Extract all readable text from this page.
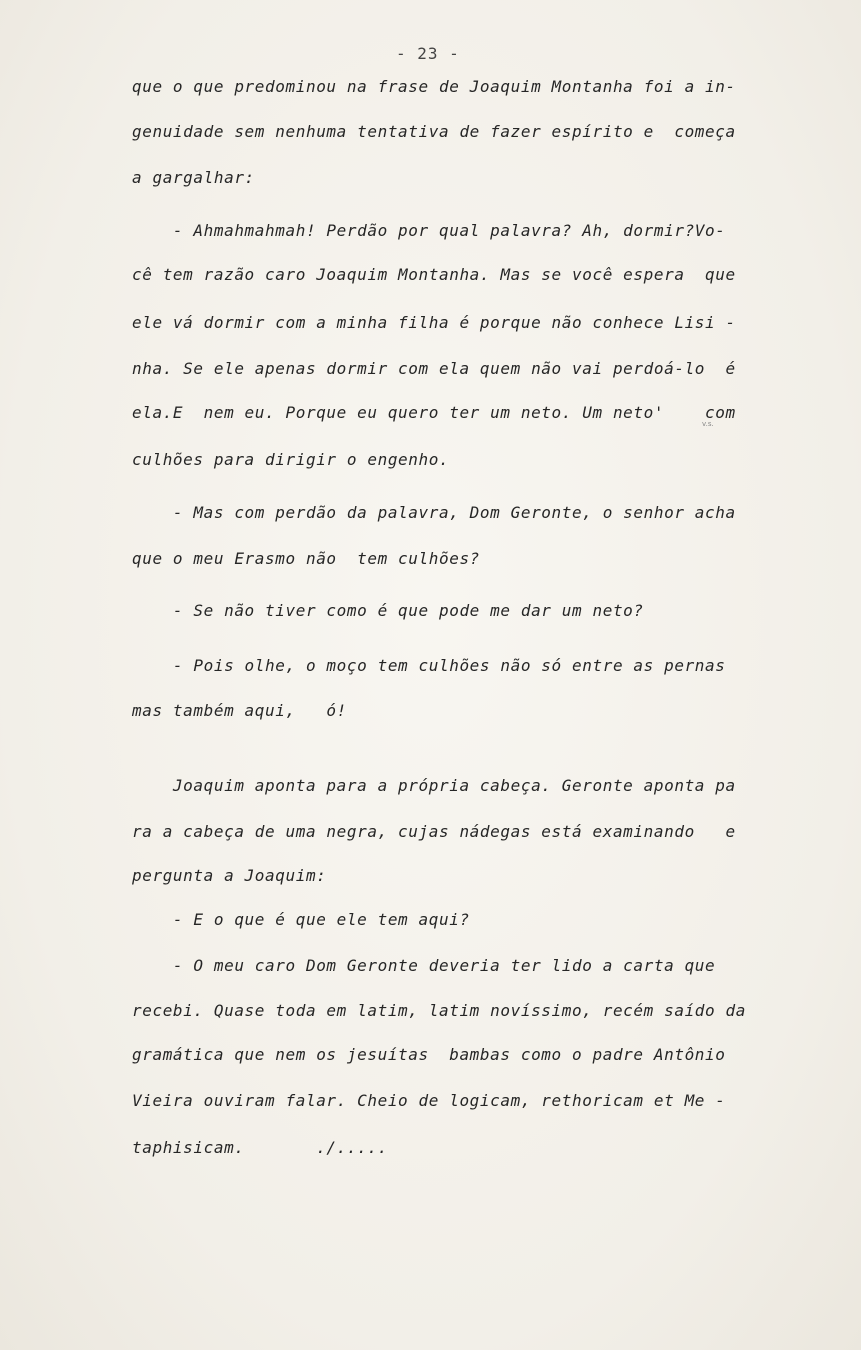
- 23 -
que o que predominou na frase de Joaquim Montanha foi a in-
genuidade sem nenhuma tentativa de fazer espírito e  começa
a gargalhar:
- Ahmahmahmah! Perdão por qual palavra? Ah, dormir?Vo-
cê tem razão caro Joaquim Montanha. Mas se você espera  que
ele vá dormir com a minha filha é porque não conhece Lisi -
nha. Se ele apenas dormir com ela quem não vai perdoá-lo  é
ela.E  nem eu. Porque eu quero ter um neto. Um neto'    com
v.s.
culhões para dirigir o engenho.
- Mas com perdão da palavra, Dom Geronte, o senhor acha
que o meu Erasmo não  tem culhões?
- Se não tiver como é que pode me dar um neto?
- Pois olhe, o moço tem culhões não só entre as pernas
mas também aqui,   ó!
Joaquim aponta para a própria cabeça. Geronte aponta pa
ra a cabeça de uma negra, cujas nádegas está examinando   e
pergunta a Joaquim:
- E o que é que ele tem aqui?
- O meu caro Dom Geronte deveria ter lido a carta que
recebi. Quase toda em latim, latim novíssimo, recém saído da
gramática que nem os jesuítas  bambas como o padre Antônio
Vieira ouviram falar. Cheio de logicam, rethoricam et Me -
taphisicam.       ./.....
